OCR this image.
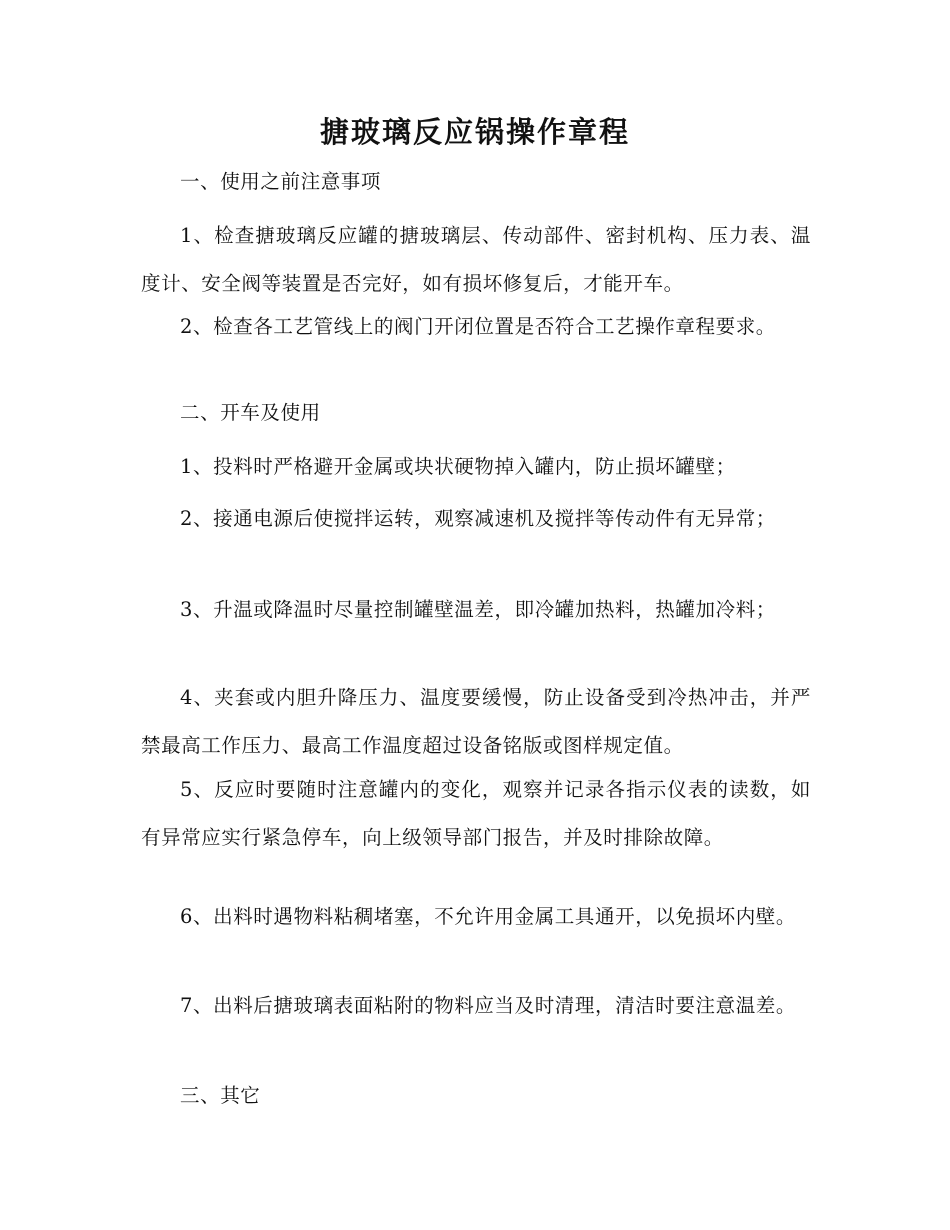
搪玻璃反应锅操作章程

一、使用之前注意事项

1、检查搪玻璃反应罐的搪玻璃层、传动部件、密封机构、压力表、温度计、安全阀等装置是否完好，如有损坏修复后，才能开车。

2、检查各工艺管线上的阀门开闭位置是否符合工艺操作章程要求。

二、开车及使用

1、投料时严格避开金属或块状硬物掉入罐内，防止损坏罐壁；

2、接通电源后使搅拌运转，观察减速机及搅拌等传动件有无异常；

3、升温或降温时尽量控制罐壁温差，即冷罐加热料，热罐加冷料；

4、夹套或内胆升降压力、温度要缓慢，防止设备受到冷热冲击，并严禁最高工作压力、最高工作温度超过设备铭版或图样规定值。

5、反应时要随时注意罐内的变化，观察并记录各指示仪表的读数，如有异常应实行紧急停车，向上级领导部门报告，并及时排除故障。

6、出料时遇物料粘稠堵塞，不允许用金属工具通开，以免损坏内壁。

7、出料后搪玻璃表面粘附的物料应当及时清理，清洁时要注意温差。

三、其它
